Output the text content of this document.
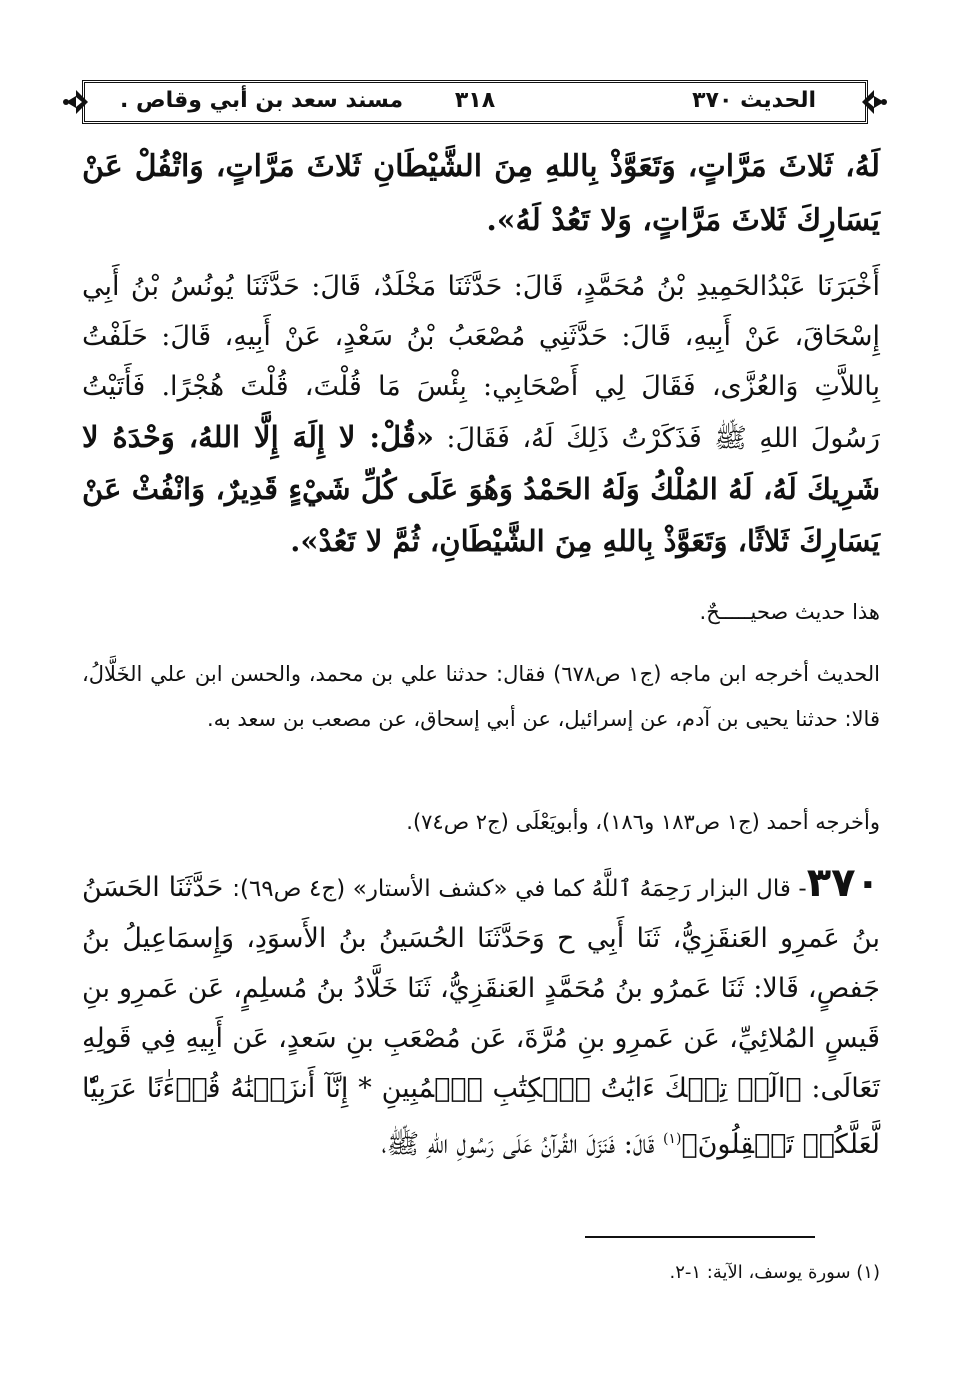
الحديث ٣٧٠
٣١٨
مسند سعد بن أبي وقاص .

لَهُ، ثَلاثَ مَرَّاتٍ، وَتَعَوَّذْ بِاللهِ مِنَ الشَّيْطَانِ ثَلاثَ مَرَّاتٍ، وَاتْفُلْ عَنْ يَسَارِكَ ثَلاثَ مَرَّاتٍ، وَلا تَعُدْ لَهُ».

أَخْبَرَنَا عَبْدُالحَمِيدِ بْنُ مُحَمَّدٍ، قَالَ: حَدَّثَنَا مَخْلَدٌ، قَالَ: حَدَّثَنَا يُونُسُ بْنُ أَبِي إِسْحَاقَ، عَنْ أَبِيهِ، قَالَ: حَدَّثَنِي مُصْعَبُ بْنُ سَعْدٍ، عَنْ أَبِيهِ، قَالَ: حَلَفْتُ بِاللاَّتِ وَالعُزَّى، فَقَالَ لِي أَصْحَابِي: بِئْسَ مَا قُلْتَ، قُلْتَ هُجْرًا. فَأَتَيْتُ رَسُولَ اللهِ ﷺ فَذَكَرْتُ ذَلِكَ لَهُ، فَقَالَ: «قُلْ: لا إِلَهَ إِلَّا اللهُ، وَحْدَهُ لا شَرِيكَ لَهُ، لَهُ المُلْكُ وَلَهُ الحَمْدُ وَهُوَ عَلَى كُلِّ شَيْءٍ قَدِيرٌ، وَانْفُثْ عَنْ يَسَارِكَ ثَلاثًا، وَتَعَوَّذْ بِاللهِ مِنَ الشَّيْطَانِ، ثُمَّ لا تَعُدْ».

هذا حديث صحيـــــحٌ.

الحديث أخرجه ابن ماجه (ج١ ص٦٧٨) فقال: حدثنا علي بن محمد، والحسن ابن علي الخَلَّالُ، قالا: حدثنا يحيى بن آدم، عن إسرائيل، عن أبي إسحاق، عن مصعب بن سعد به.

وأخرجه أحمد (ج١ ص١٨٣ و١٨٦)، وأبويَعْلَى (ج٢ ص٧٤).

٣٧٠- قال البزار رَحِمَهُ ٱللَّهُ كما في «كشف الأستار» (ج٤ ص٦٩): حَدَّثَنَا الحَسَنُ بنُ عَمرِو العَنقَزِيُّ، ثَنَا أَبِي ح وَحَدَّثَنَا الحُسَينُ بنُ الأَسوَدِ، وَإِسمَاعِيلُ بنُ جَفصٍ، قَالا: ثَنَا عَمرُو بنُ مُحَمَّدٍ العَنقَزِيُّ، ثَنَا خَلَّادُ بنُ مُسلِمٍ، عَن عَمرِو بنِ قَيسٍ المُلائِيِّ، عَن عَمرِو بنِ مُرَّةَ، عَن مُصْعَبِ بنِ سَعدٍ، عَن أَبِيهِ فِي قَولِهِ تَعَالَى: ﴿الٓرۚ تِلۡكَ ءَايَٰتُ ٱلۡكِتَٰبِ ٱلۡمُبِينِ * إِنَّآ أَنزَلۡنَٰهُ قُرۡءَٰنًا عَرَبِيّٗا لَّعَلَّكُمۡ تَعۡقِلُونَ﴾$^{(١)}$ قَالَ: فَنَزَلَ القُرآنُ عَلَى رَسُولِ اللهِ ﷺ،

(١) سورة يوسف، الآية: ١-٢.
